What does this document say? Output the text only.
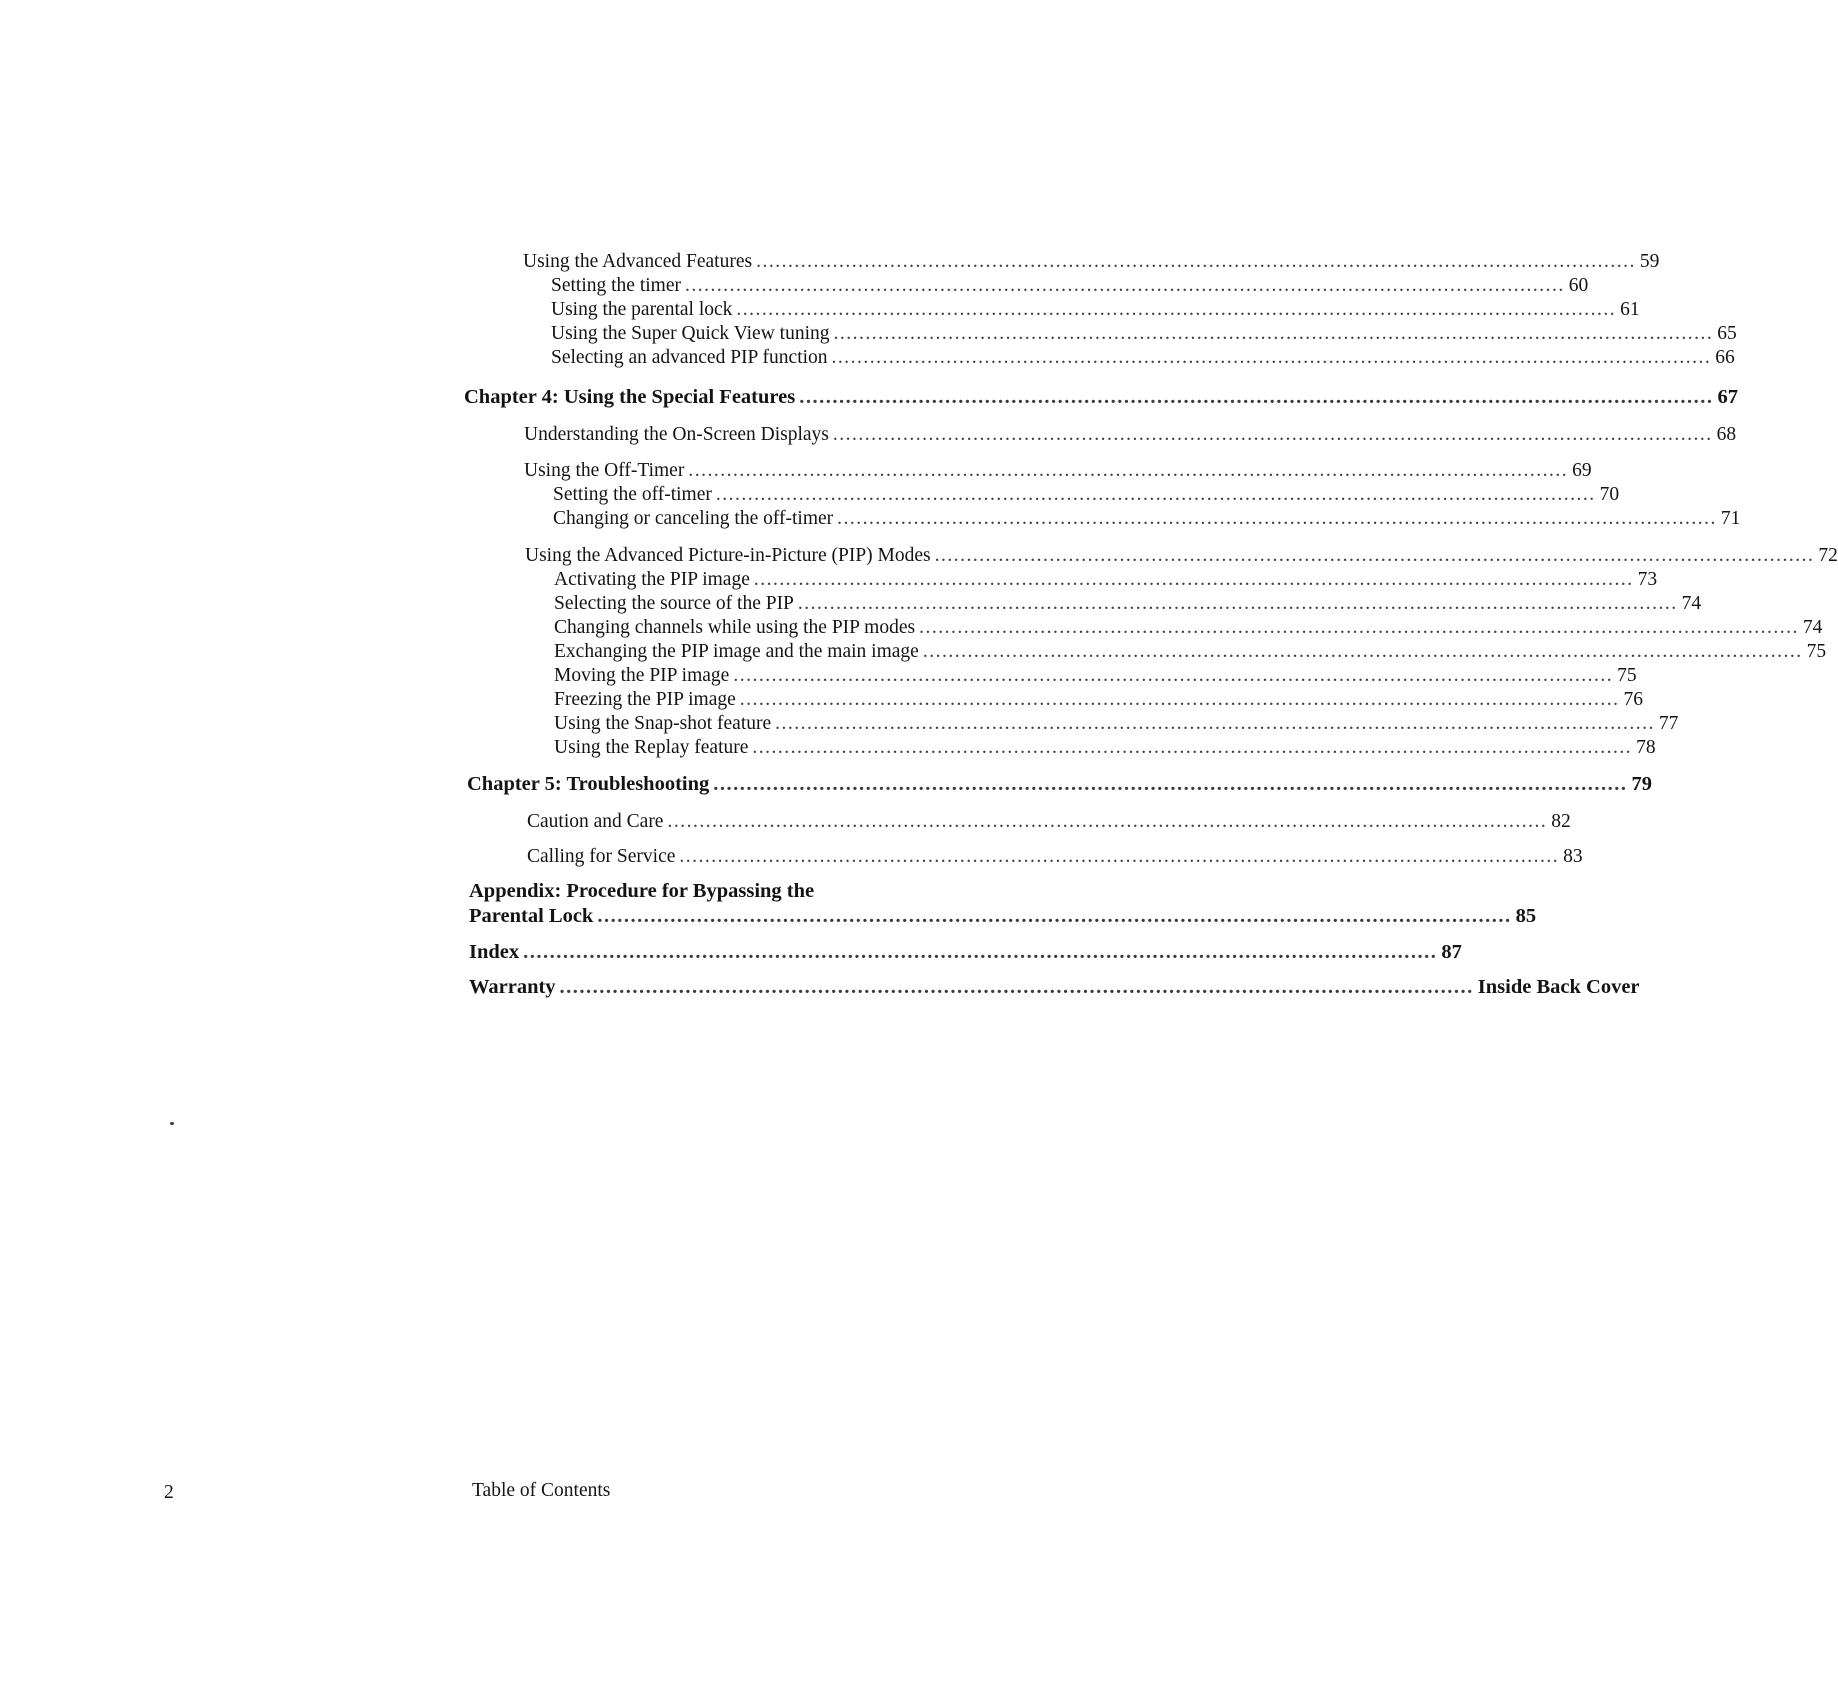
Using the Advanced Features .......................................................................................................................................... 59
Setting the timer .......................................................................................................................................... 60
Using the parental lock .......................................................................................................................................... 61
Using the Super Quick View tuning .......................................................................................................................................... 65
Selecting an advanced PIP function .......................................................................................................................................... 66
Chapter 4: Using the Special Features .......................................................................................................................................... 67
Understanding the On-Screen Displays .......................................................................................................................................... 68
Using the Off-Timer .......................................................................................................................................... 69
Setting the off-timer .......................................................................................................................................... 70
Changing or canceling the off-timer .......................................................................................................................................... 71
Using the Advanced Picture-in-Picture (PIP) Modes .......................................................................................................................................... 72
Activating the PIP image .......................................................................................................................................... 73
Selecting the source of the PIP .......................................................................................................................................... 74
Changing channels while using the PIP modes .......................................................................................................................................... 74
Exchanging the PIP image and the main image .......................................................................................................................................... 75
Moving the PIP image .......................................................................................................................................... 75
Freezing the PIP image .......................................................................................................................................... 76
Using the Snap-shot feature .......................................................................................................................................... 77
Using the Replay feature .......................................................................................................................................... 78
Chapter 5: Troubleshooting .......................................................................................................................................... 79
Caution and Care .......................................................................................................................................... 82
Calling for Service .......................................................................................................................................... 83
Appendix: Procedure for Bypassing the
Parental Lock .......................................................................................................................................... 85
Index .......................................................................................................................................... 87
Warranty .......................................................................................................................................... Inside Back Cover
2	Table of Contents
